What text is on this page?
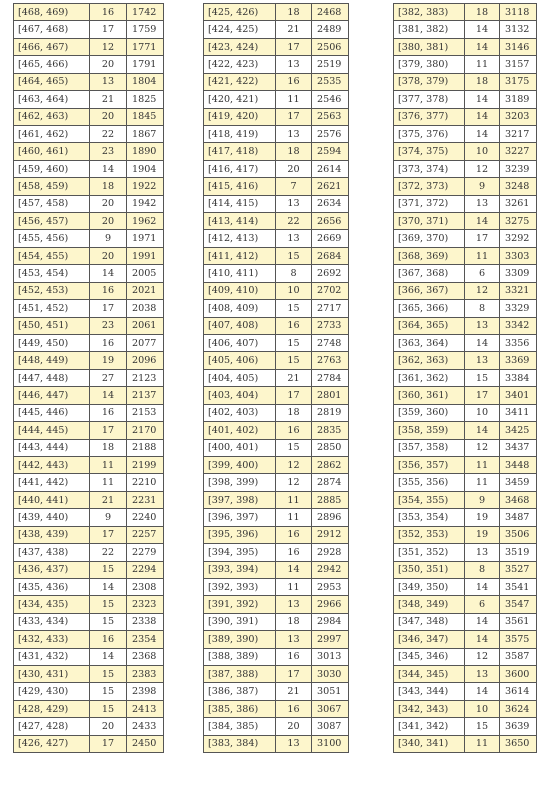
[468, 469)	16	1742
[467, 468)	17	1759
[466, 467)	12	1771
[465, 466)	20	1791
[464, 465)	13	1804
[463, 464)	21	1825
[462, 463)	20	1845
[461, 462)	22	1867
[460, 461)	23	1890
[459, 460)	14	1904
[458, 459)	18	1922
[457, 458)	20	1942
[456, 457)	20	1962
[455, 456)	9	1971
[454, 455)	20	1991
[453, 454)	14	2005
[452, 453)	16	2021
[451, 452)	17	2038
[450, 451)	23	2061
[449, 450)	16	2077
[448, 449)	19	2096
[447, 448)	27	2123
[446, 447)	14	2137
[445, 446)	16	2153
[444, 445)	17	2170
[443, 444)	18	2188
[442, 443)	11	2199
[441, 442)	11	2210
[440, 441)	21	2231
[439, 440)	9	2240
[438, 439)	17	2257
[437, 438)	22	2279
[436, 437)	15	2294
[435, 436)	14	2308
[434, 435)	15	2323
[433, 434)	15	2338
[432, 433)	16	2354
[431, 432)	14	2368
[430, 431)	15	2383
[429, 430)	15	2398
[428, 429)	15	2413
[427, 428)	20	2433
[426, 427)	17	2450
[425, 426)	18	2468
[424, 425)	21	2489
[423, 424)	17	2506
[422, 423)	13	2519
[421, 422)	16	2535
[420, 421)	11	2546
[419, 420)	17	2563
[418, 419)	13	2576
[417, 418)	18	2594
[416, 417)	20	2614
[415, 416)	7	2621
[414, 415)	13	2634
[413, 414)	22	2656
[412, 413)	13	2669
[411, 412)	15	2684
[410, 411)	8	2692
[409, 410)	10	2702
[408, 409)	15	2717
[407, 408)	16	2733
[406, 407)	15	2748
[405, 406)	15	2763
[404, 405)	21	2784
[403, 404)	17	2801
[402, 403)	18	2819
[401, 402)	16	2835
[400, 401)	15	2850
[399, 400)	12	2862
[398, 399)	12	2874
[397, 398)	11	2885
[396, 397)	11	2896
[395, 396)	16	2912
[394, 395)	16	2928
[393, 394)	14	2942
[392, 393)	11	2953
[391, 392)	13	2966
[390, 391)	18	2984
[389, 390)	13	2997
[388, 389)	16	3013
[387, 388)	17	3030
[386, 387)	21	3051
[385, 386)	16	3067
[384, 385)	20	3087
[383, 384)	13	3100
[382, 383)	18	3118
[381, 382)	14	3132
[380, 381)	14	3146
[379, 380)	11	3157
[378, 379)	18	3175
[377, 378)	14	3189
[376, 377)	14	3203
[375, 376)	14	3217
[374, 375)	10	3227
[373, 374)	12	3239
[372, 373)	9	3248
[371, 372)	13	3261
[370, 371)	14	3275
[369, 370)	17	3292
[368, 369)	11	3303
[367, 368)	6	3309
[366, 367)	12	3321
[365, 366)	8	3329
[364, 365)	13	3342
[363, 364)	14	3356
[362, 363)	13	3369
[361, 362)	15	3384
[360, 361)	17	3401
[359, 360)	10	3411
[358, 359)	14	3425
[357, 358)	12	3437
[356, 357)	11	3448
[355, 356)	11	3459
[354, 355)	9	3468
[353, 354)	19	3487
[352, 353)	19	3506
[351, 352)	13	3519
[350, 351)	8	3527
[349, 350)	14	3541
[348, 349)	6	3547
[347, 348)	14	3561
[346, 347)	14	3575
[345, 346)	12	3587
[344, 345)	13	3600
[343, 344)	14	3614
[342, 343)	10	3624
[341, 342)	15	3639
[340, 341)	11	3650
